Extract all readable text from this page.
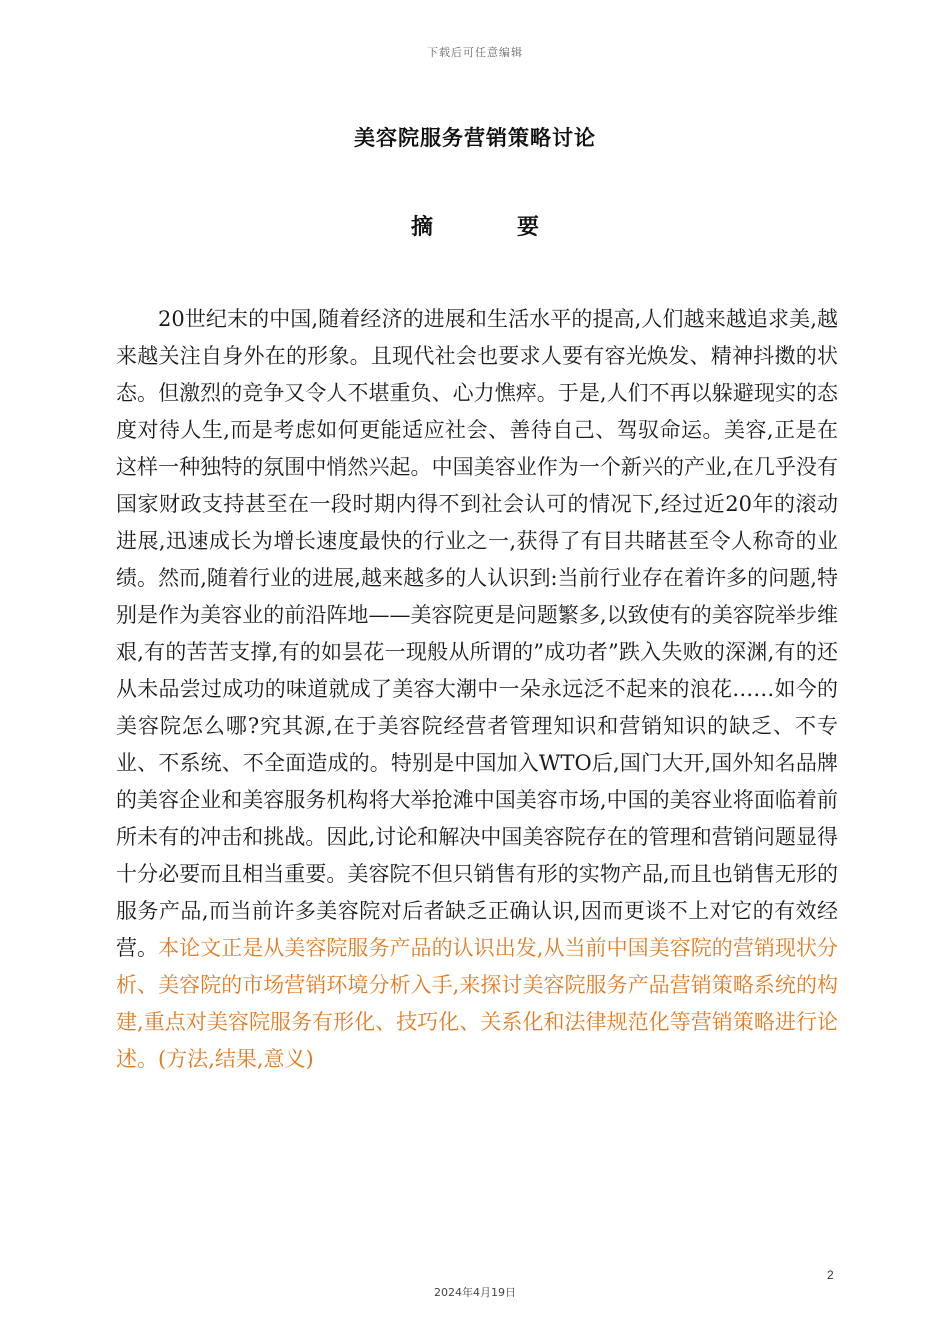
下载后可任意编辑
美容院服务营销策略讨论
摘	要

20世纪末的中国,随着经济的进展和生活水平的提高,人们越来越追求美,越来越关注自身外在的形象。且现代社会也要求人要有容光焕发、精神抖擞的状态。但激烈的竞争又令人不堪重负、心力憔瘁。于是,人们不再以躲避现实的态度对待人生,而是考虑如何更能适应社会、善待自己、驾驭命运。美容,正是在这样一种独特的氛围中悄然兴起。中国美容业作为一个新兴的产业,在几乎没有国家财政支持甚至在一段时期内得不到社会认可的情况下,经过近20年的滚动进展,迅速成长为增长速度最快的行业之一,获得了有目共睹甚至令人称奇的业绩。然而,随着行业的进展,越来越多的人认识到:当前行业存在着许多的问题,特别是作为美容业的前沿阵地——美容院更是问题繁多,以致使有的美容院举步维艰,有的苦苦支撑,有的如昙花一现般从所谓的”成功者”跌入失败的深渊,有的还从未品尝过成功的味道就成了美容大潮中一朵永远泛不起来的浪花……如今的美容院怎么哪?究其源,在于美容院经营者管理知识和营销知识的缺乏、不专业、不系统、不全面造成的。特别是中国加入WTO后,国门大开,国外知名品牌的美容企业和美容服务机构将大举抢滩中国美容市场,中国的美容业将面临着前所未有的冲击和挑战。因此,讨论和解决中国美容院存在的管理和营销问题显得十分必要而且相当重要。美容院不但只销售有形的实物产品,而且也销售无形的服务产品,而当前许多美容院对后者缺乏正确认识,因而更谈不上对它的有效经营。本论文正是从美容院服务产品的认识出发,从当前中国美容院的营销现状分析、美容院的市场营销环境分析入手,来探讨美容院服务产品营销策略系统的构建,重点对美容院服务有形化、技巧化、关系化和法律规范化等营销策略进行论述。(方法,结果,意义)

2
2024年4月19日
